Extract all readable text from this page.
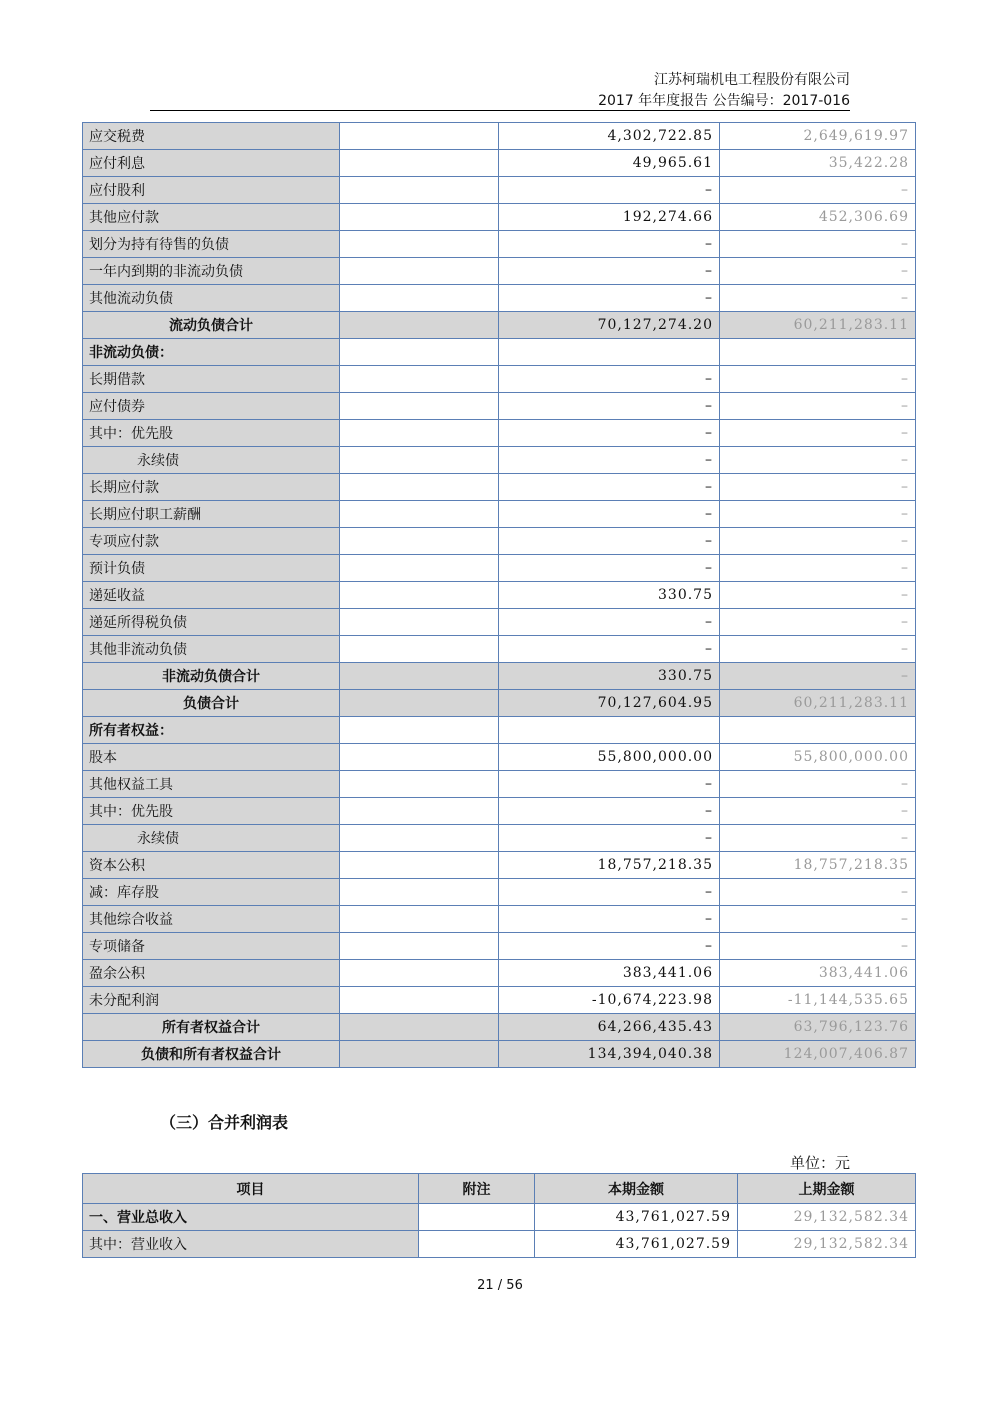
江苏柯瑞机电工程股份有限公司
2017 年年度报告 公告编号：2017-016
应交税费		4,302,722.85	2,649,619.97
应付利息		49,965.61	35,422.28
应付股利		–	–
其他应付款		192,274.66	452,306.69
划分为持有待售的负债		–	–
一年内到期的非流动负债		–	–
其他流动负债		–	–
流动负债合计		70,127,274.20	60,211,283.11
非流动负债：			
长期借款		–	–
应付债券		–	–
其中：优先股		–	–
永续债		–	–
长期应付款		–	–
长期应付职工薪酬		–	–
专项应付款		–	–
预计负债		–	–
递延收益		330.75	–
递延所得税负债		–	–
其他非流动负债		–	–
非流动负债合计		330.75	–
负债合计		70,127,604.95	60,211,283.11
所有者权益：			
股本		55,800,000.00	55,800,000.00
其他权益工具		–	–
其中：优先股		–	–
永续债		–	–
资本公积		18,757,218.35	18,757,218.35
减：库存股		–	–
其他综合收益		–	–
专项储备		–	–
盈余公积		383,441.06	383,441.06
未分配利润		-10,674,223.98	-11,144,535.65
所有者权益合计		64,266,435.43	63,796,123.76
负债和所有者权益合计		134,394,040.38	124,007,406.87
（三）合并利润表
单位：元
项目	附注	本期金额	上期金额
一、营业总收入		43,761,027.59	29,132,582.34
其中：营业收入		43,761,027.59	29,132,582.34
21 / 56
